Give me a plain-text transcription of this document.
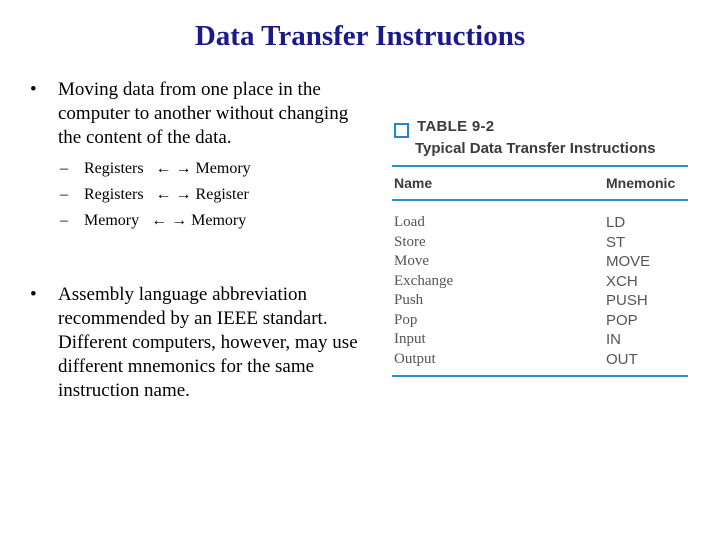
Data Transfer Instructions
• Moving data from one place in the computer to another without changing the content of the data.
– Registers ← → Memory
– Registers ← → Register
– Memory ← → Memory
• Assembly language abbreviation recommended by an IEEE standart. Different computers, however, may use different mnemonics for the same instruction name.
TABLE 9-2
Typical Data Transfer Instructions
Name	Mnemonic
Load	LD
Store	ST
Move	MOVE
Exchange	XCH
Push	PUSH
Pop	POP
Input	IN
Output	OUT
